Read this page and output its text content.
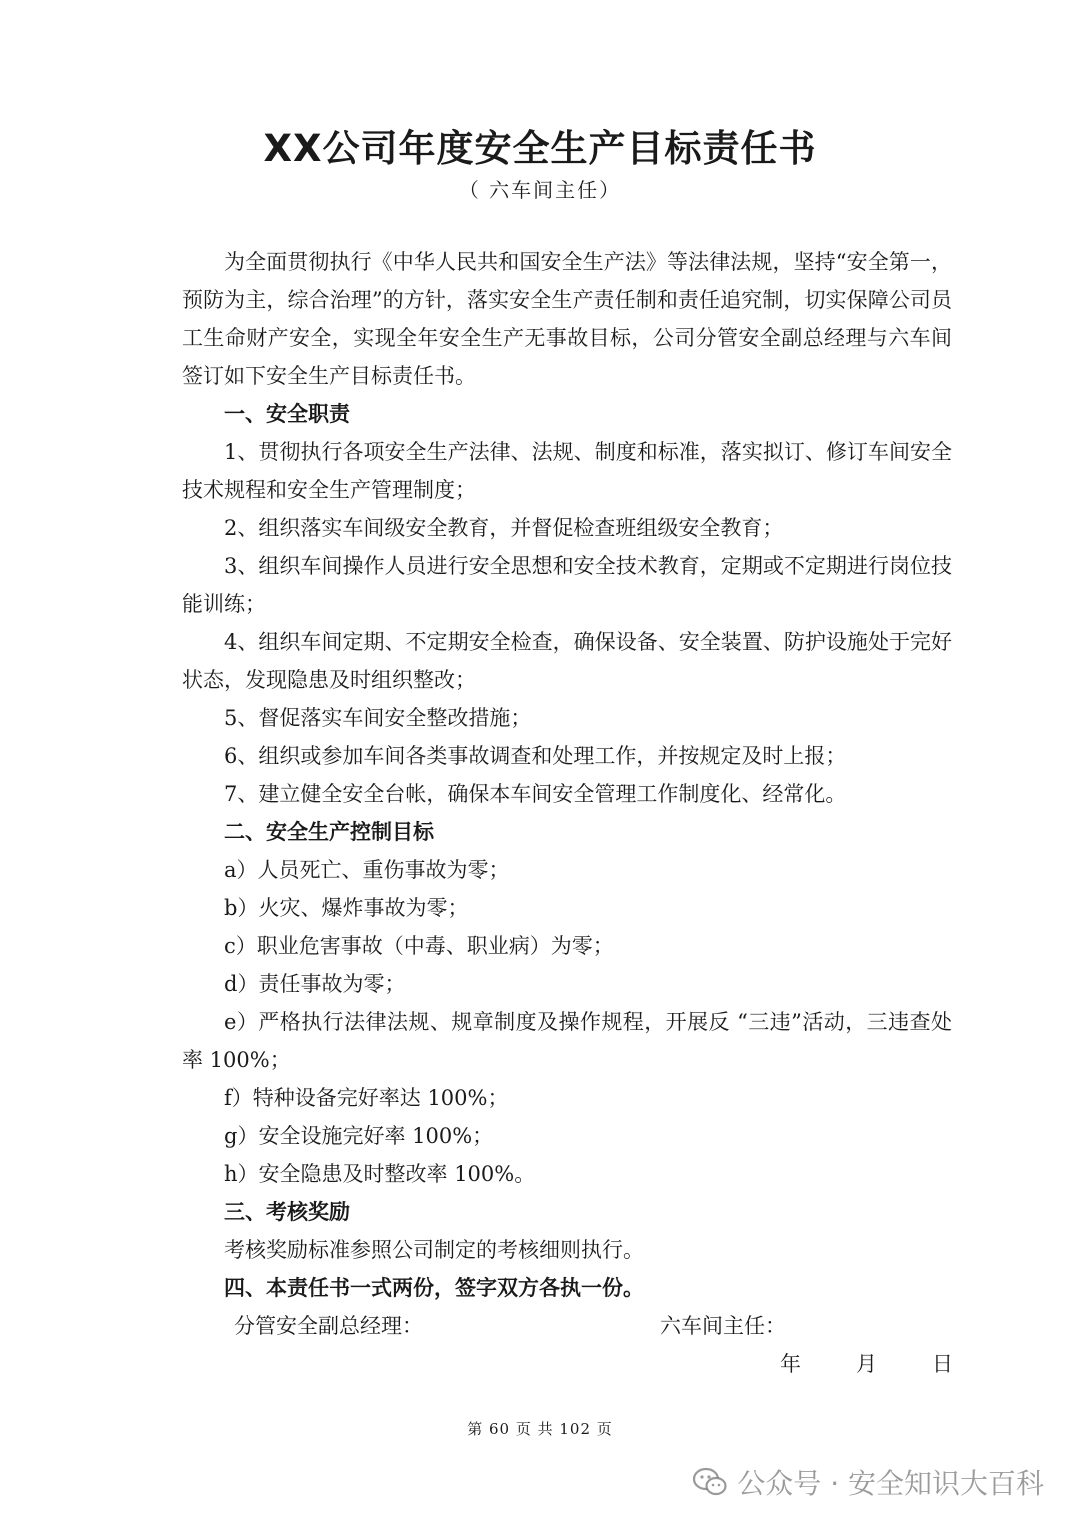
XX公司年度安全生产目标责任书
（ 六车间主任）

为全面贯彻执行《中华人民共和国安全生产法》等法律法规，坚持“安全第一，预防为主，综合治理”的方针，落实安全生产责任制和责任追究制，切实保障公司员工生命财产安全，实现全年安全生产无事故目标，公司分管安全副总经理与六车间签订如下安全生产目标责任书。

一、安全职责

1、贯彻执行各项安全生产法律、法规、制度和标准，落实拟订、修订车间安全技术规程和安全生产管理制度；

2、组织落实车间级安全教育，并督促检查班组级安全教育；

3、组织车间操作人员进行安全思想和安全技术教育，定期或不定期进行岗位技能训练；

4、组织车间定期、不定期安全检查，确保设备、安全装置、防护设施处于完好状态，发现隐患及时组织整改；

5、督促落实车间安全整改措施；

6、组织或参加车间各类事故调查和处理工作，并按规定及时上报；

7、建立健全安全台帐，确保本车间安全管理工作制度化、经常化。

二、安全生产控制目标

a）人员死亡、重伤事故为零；

b）火灾、爆炸事故为零；

c）职业危害事故（中毒、职业病）为零；

d）责任事故为零；

e）严格执行法律法规、规章制度及操作规程，开展反 “三违”活动，三违查处率 100%；

f）特种设备完好率达 100%；

g）安全设施完好率 100%；

h）安全隐患及时整改率 100%。

三、考核奖励

考核奖励标准参照公司制定的考核细则执行。

四、本责任书一式两份，签字双方各执一份。

分管安全副总经理：	六车间主任：
年	月	日
第 60 页 共 102 页
公众号 · 安全知识大百科
